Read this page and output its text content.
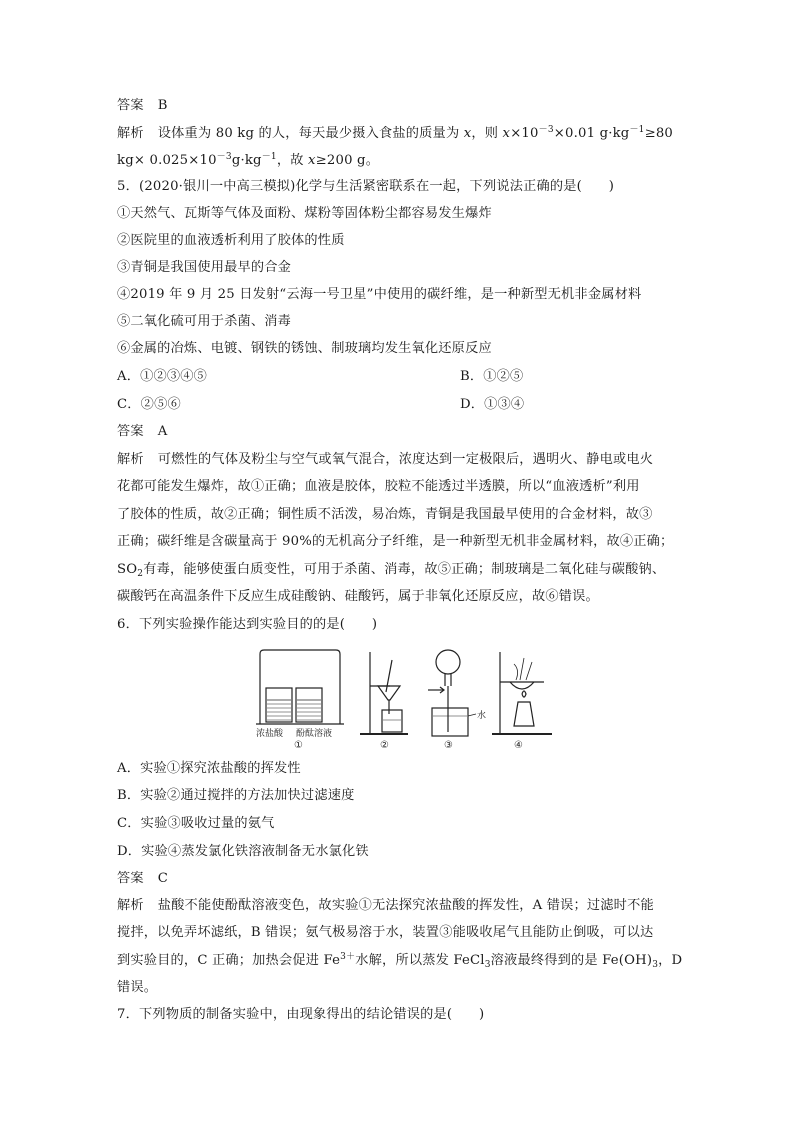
答案 B
解析 设体重为 80 kg 的人，每天最少摄入食盐的质量为 x，则 $x\times 10^{-3}\times 0.01$ $g\cdot kg^{-1}\ge 80$
$kg\times 0.025\times 10^{-3}g\cdot kg^{-1}$，故 x≥200 g。
5．(2020·银川一中高三模拟)化学与生活紧密联系在一起，下列说法正确的是(　　)
①天然气、瓦斯等气体及面粉、煤粉等固体粉尘都容易发生爆炸
②医院里的血液透析利用了胶体的性质
③青铜是我国使用最早的合金
④2019 年 9 月 25 日发射“云海一号卫星”中使用的碳纤维，是一种新型无机非金属材料
⑤二氧化硫可用于杀菌、消毒
⑥金属的冶炼、电镀、钢铁的锈蚀、制玻璃均发生氧化还原反应
A．①②③④⑤	B．①②⑤
C．②⑤⑥	D．①③④
答案 A
解析 可燃性的气体及粉尘与空气或氧气混合，浓度达到一定极限后，遇明火、静电或电火
花都可能发生爆炸，故①正确；血液是胶体，胶粒不能透过半透膜，所以“血液透析”利用
了胶体的性质，故②正确；铜性质不活泼，易冶炼，青铜是我国最早使用的合金材料，故③
正确；碳纤维是含碳量高于 90%的无机高分子纤维，是一种新型无机非金属材料，故④正确；
$SO_2$有毒，能够使蛋白质变性，可用于杀菌、消毒，故⑤正确；制玻璃是二氧化硅与碳酸钠、
碳酸钙在高温条件下反应生成硅酸钠、硅酸钙，属于非氧化还原反应，故⑥错误。
6．下列实验操作能达到实验目的的是(　　)
浓盐酸 酚酞溶液
水
①	②	③	④
A．实验①探究浓盐酸的挥发性
B．实验②通过搅拌的方法加快过滤速度
C．实验③吸收过量的氨气
D．实验④蒸发氯化铁溶液制备无水氯化铁
答案 C
解析 盐酸不能使酚酞溶液变色，故实验①无法探究浓盐酸的挥发性，A 错误；过滤时不能
搅拌，以免弄坏滤纸，B 错误；氨气极易溶于水，装置③能吸收尾气且能防止倒吸，可以达
到实验目的，C 正确；加热会促进 $Fe^{3+}$水解，所以蒸发 FeCl$_3$溶液最终得到的是 $Fe(OH)_3$，D
错误。
7．下列物质的制备实验中，由现象得出的结论错误的是(　　)
